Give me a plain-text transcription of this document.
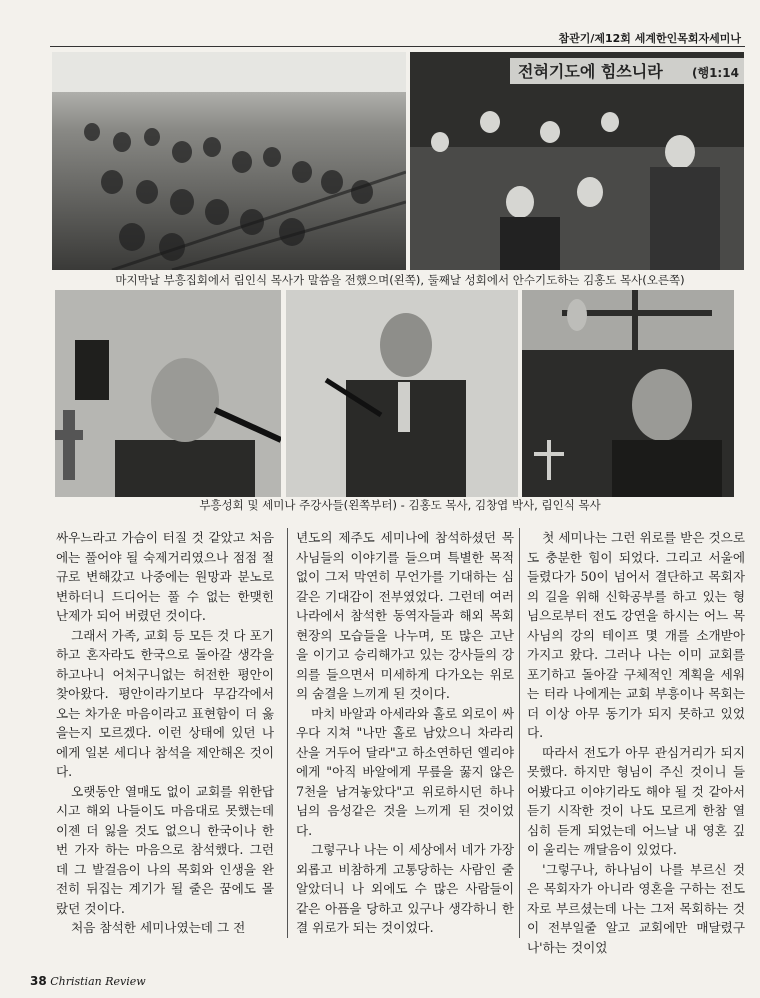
참관기/제12회 세계한인목회자세미나
전혀기도에 힘쓰니라 (행1:14
마지막날 부흥집회에서 림인식 목사가 말씀을 전했으며(왼쪽), 둘째날 성회에서 안수기도하는 김홍도 목사(오른쪽)
부흥성회 및 세미나 주강사들(왼쪽부터) - 김홍도 목사, 김창엽 박사, 림인식 목사

싸우느라고 가슴이 터질 것 같았고 처음에는 풀어야 될 숙제거리였으나 점점 절규로 변해갔고 나중에는 원망과 분노로 변하더니 드디어는 풀 수 없는 한맺힌 난제가 되어 버렸던 것이다.

그래서 가족, 교회 등 모든 것 다 포기하고 혼자라도 한국으로 돌아갈 생각을 하고나니 어처구니없는 허전한 평안이 찾아왔다. 평안이라기보다 무감각에서 오는 차가운 마음이라고 표현함이 더 옳을는지 모르겠다. 이런 상태에 있던 나에게 일본 세디나 참석을 제안해온 것이다.

오랫동안 열매도 없이 교회를 위한답시고 해외 나들이도 마음대로 못했는데 이젠 더 잃을 것도 없으니 한국이나 한 번 가자 하는 마음으로 참석했다. 그런데 그 발걸음이 나의 목회와 인생을 완전히 뒤집는 계기가 될 줄은 꿈에도 몰랐던 것이다.

처음 참석한 세미나였는데 그 전

년도의 제주도 세미나에 참석하셨던 목사님들의 이야기를 들으며 특별한 목적없이 그저 막연히 무언가를 기대하는 심갈은 기대감이 전부였었다. 그런데 여러나라에서 참석한 동역자들과 해외 목회 현장의 모습들을 나누며, 또 많은 고난을 이기고 승리해가고 있는 강사들의 강의를 들으면서 미세하게 다가오는 위로의 숨결을 느끼게 된 것이다.

마치 바알과 아세라와 홀로 외로이 싸우다 지쳐 "나만 홀로 남았으니 차라리 산을 거두어 달라"고 하소연하던 엘리야에게 "아직 바알에게 무릎을 꿇지 않은 7천을 남겨놓았다"고 위로하시던 하나님의 음성같은 것을 느끼게 된 것이었다.

그렇구나 나는 이 세상에서 네가 가장 외롭고 비참하게 고통당하는 사람인 줄 알았더니 나 외에도 수 많은 사람들이 같은 아픔을 당하고 있구나 생각하니 한결 위로가 되는 것이었다.

첫 세미나는 그런 위로를 받은 것으로도 충분한 힘이 되었다. 그리고 서울에 들렸다가 50이 넘어서 결단하고 목회자의 길을 위해 신학공부를 하고 있는 형님으로부터 전도 강연을 하시는 어느 목사님의 강의 테이프 몇 개를 소개받아 가지고 왔다. 그러나 나는 이미 교회를 포기하고 돌아갈 구체적인 계획을 세워는 터라 나에게는 교회 부흥이나 목회는 더 이상 아무 동기가 되지 못하고 있었다.

따라서 전도가 아무 관심거리가 되지 못했다. 하지만 형님이 주신 것이니 들어봤다고 이야기라도 해야 될 것 같아서 듣기 시작한 것이 나도 모르게 한참 열심히 듣게 되었는데 어느날 내 영혼 깊이 울리는 깨달음이 있었다.

'그렇구나, 하나님이 나를 부르신 것은 목회자가 아니라 영혼을 구하는 전도자로 부르셨는데 나는 그저 목회하는 것이 전부일줄 알고 교회에만 매달렸구나'하는 것이었

38 Christian Review
